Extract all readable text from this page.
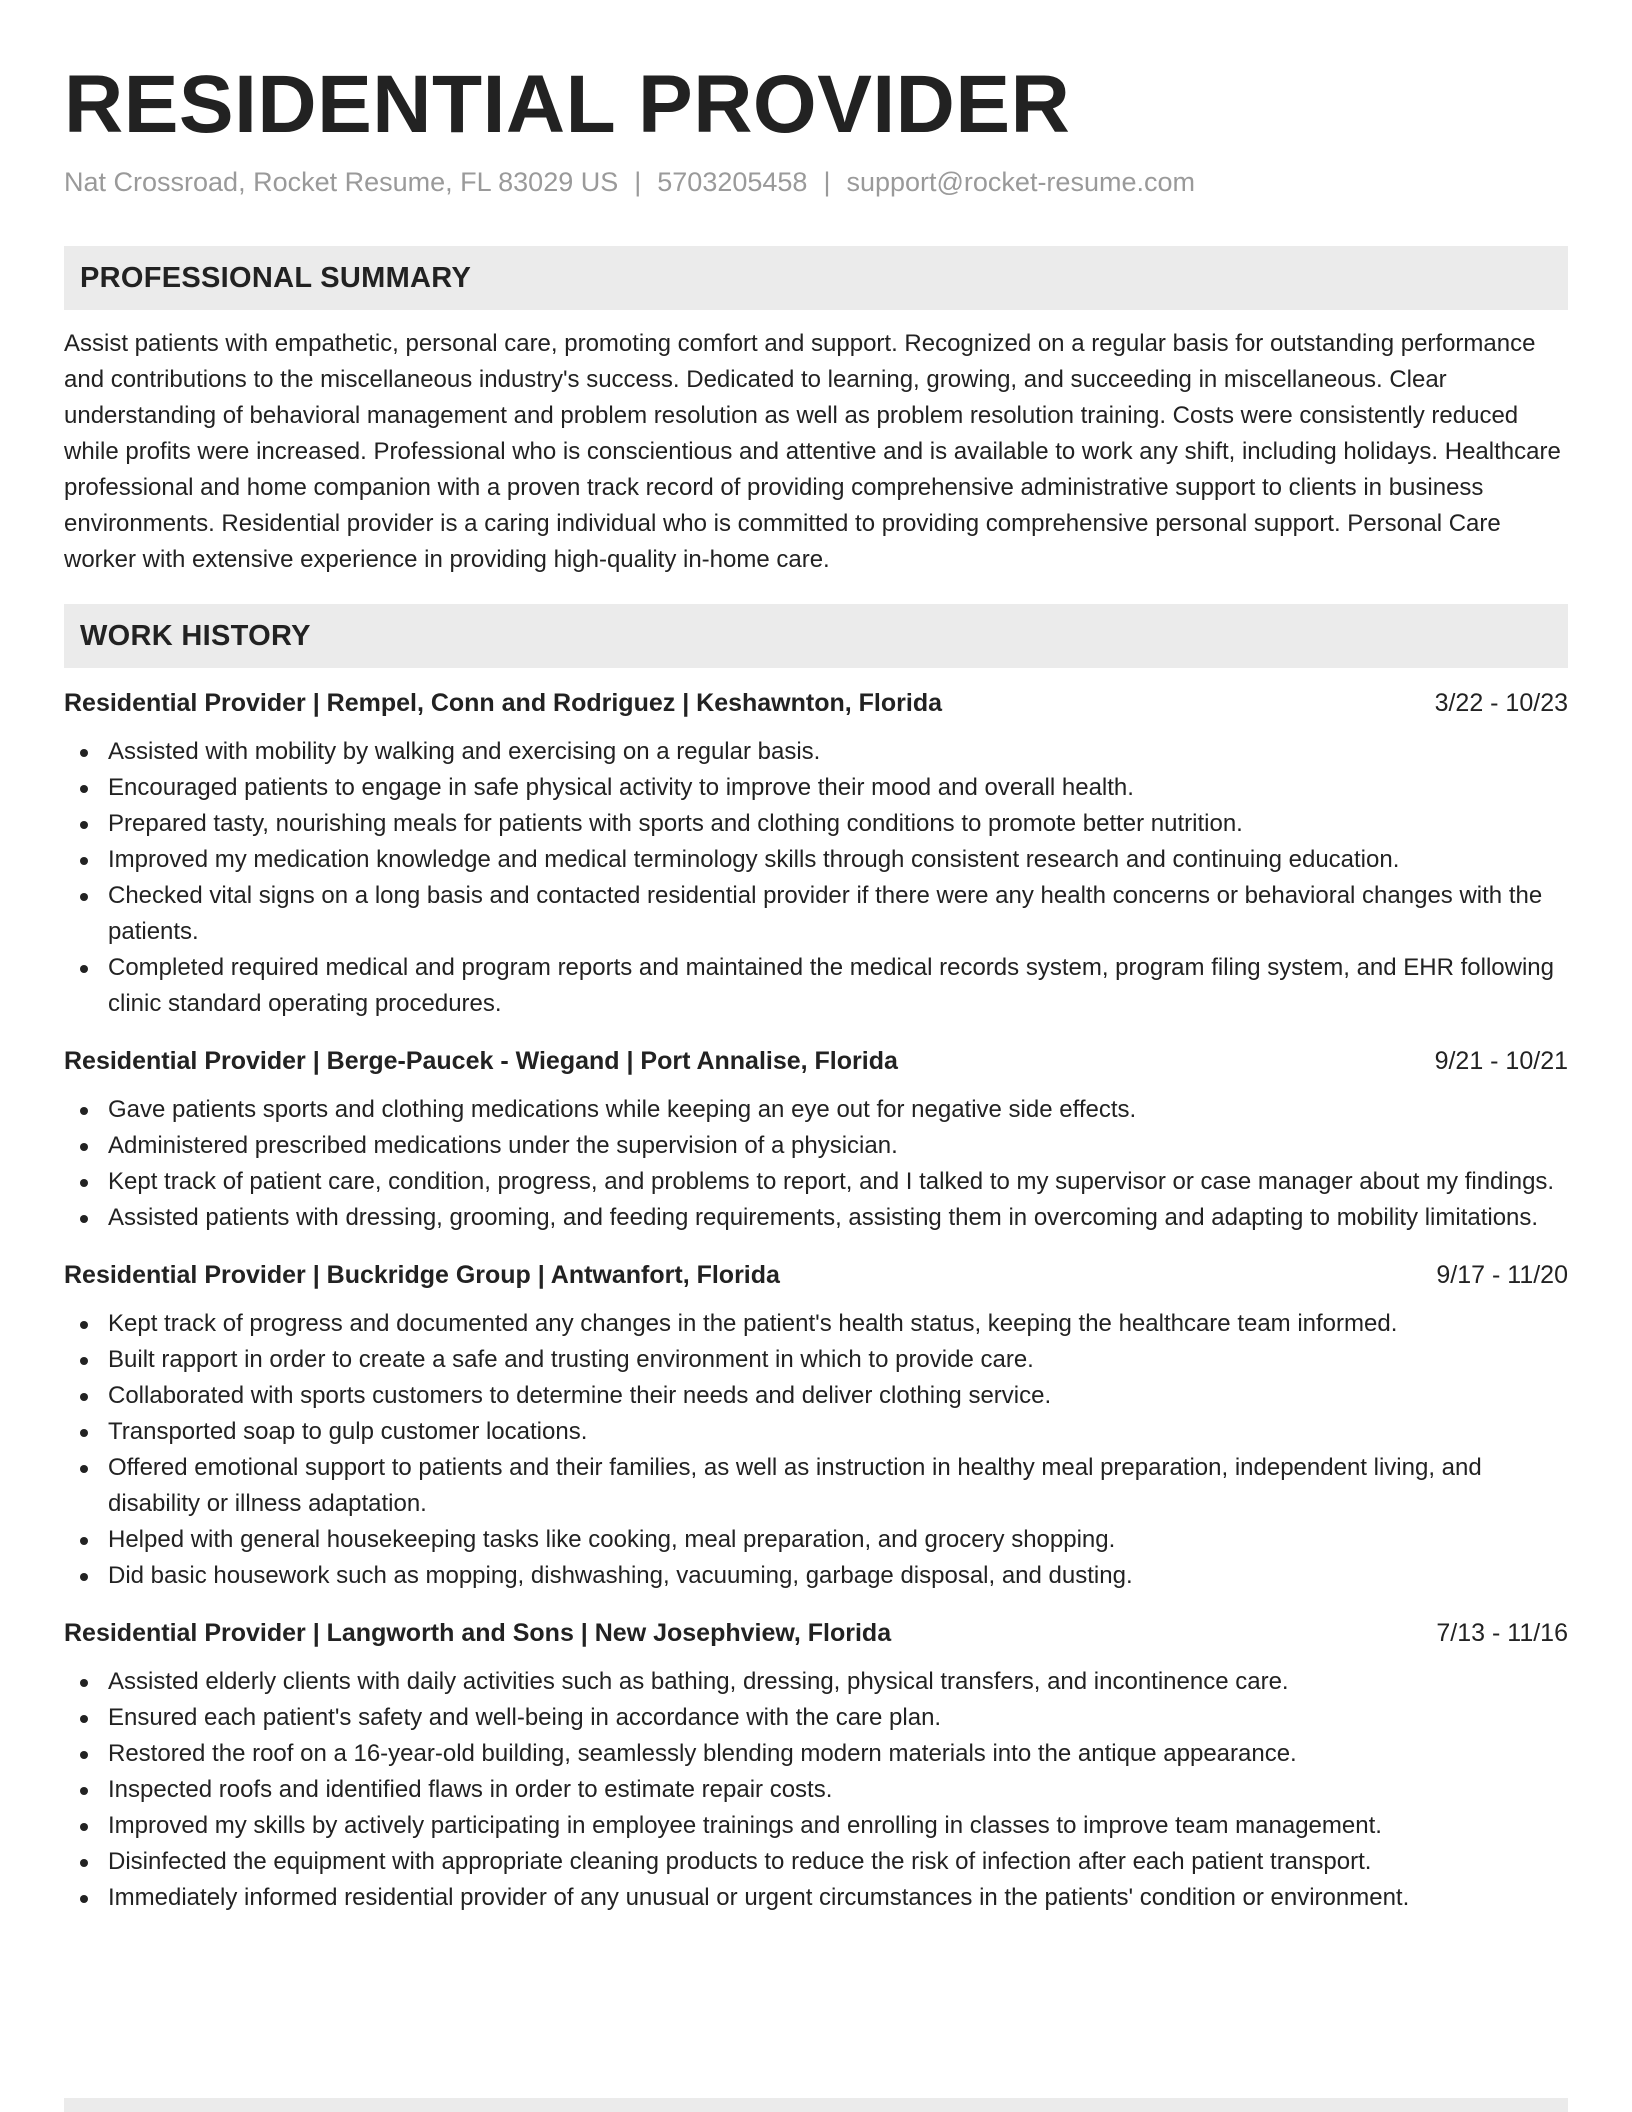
RESIDENTIAL PROVIDER
Nat Crossroad, Rocket Resume, FL 83029 US | 5703205458 | support@rocket-resume.com
PROFESSIONAL SUMMARY

Assist patients with empathetic, personal care, promoting comfort and support. Recognized on a regular basis for outstanding performance and contributions to the miscellaneous industry's success. Dedicated to learning, growing, and succeeding in miscellaneous. Clear understanding of behavioral management and problem resolution as well as problem resolution training. Costs were consistently reduced while profits were increased. Professional who is conscientious and attentive and is available to work any shift, including holidays. Healthcare professional and home companion with a proven track record of providing comprehensive administrative support to clients in business environments. Residential provider is a caring individual who is committed to providing comprehensive personal support. Personal Care worker with extensive experience in providing high-quality in-home care.

WORK HISTORY
Residential Provider | Rempel, Conn and Rodriguez | Keshawnton, Florida	3/22 - 10/23
Assisted with mobility by walking and exercising on a regular basis.
Encouraged patients to engage in safe physical activity to improve their mood and overall health.
Prepared tasty, nourishing meals for patients with sports and clothing conditions to promote better nutrition.
Improved my medication knowledge and medical terminology skills through consistent research and continuing education.
Checked vital signs on a long basis and contacted residential provider if there were any health concerns or behavioral changes with the patients.
Completed required medical and program reports and maintained the medical records system, program filing system, and EHR following clinic standard operating procedures.
Residential Provider | Berge-Paucek - Wiegand | Port Annalise, Florida	9/21 - 10/21
Gave patients sports and clothing medications while keeping an eye out for negative side effects.
Administered prescribed medications under the supervision of a physician.
Kept track of patient care, condition, progress, and problems to report, and I talked to my supervisor or case manager about my findings.
Assisted patients with dressing, grooming, and feeding requirements, assisting them in overcoming and adapting to mobility limitations.
Residential Provider | Buckridge Group | Antwanfort, Florida	9/17 - 11/20
Kept track of progress and documented any changes in the patient's health status, keeping the healthcare team informed.
Built rapport in order to create a safe and trusting environment in which to provide care.
Collaborated with sports customers to determine their needs and deliver clothing service.
Transported soap to gulp customer locations.
Offered emotional support to patients and their families, as well as instruction in healthy meal preparation, independent living, and disability or illness adaptation.
Helped with general housekeeping tasks like cooking, meal preparation, and grocery shopping.
Did basic housework such as mopping, dishwashing, vacuuming, garbage disposal, and dusting.
Residential Provider | Langworth and Sons | New Josephview, Florida	7/13 - 11/16
Assisted elderly clients with daily activities such as bathing, dressing, physical transfers, and incontinence care.
Ensured each patient's safety and well-being in accordance with the care plan.
Restored the roof on a 16-year-old building, seamlessly blending modern materials into the antique appearance.
Inspected roofs and identified flaws in order to estimate repair costs.
Improved my skills by actively participating in employee trainings and enrolling in classes to improve team management.
Disinfected the equipment with appropriate cleaning products to reduce the risk of infection after each patient transport.
Immediately informed residential provider of any unusual or urgent circumstances in the patients' condition or environment.
